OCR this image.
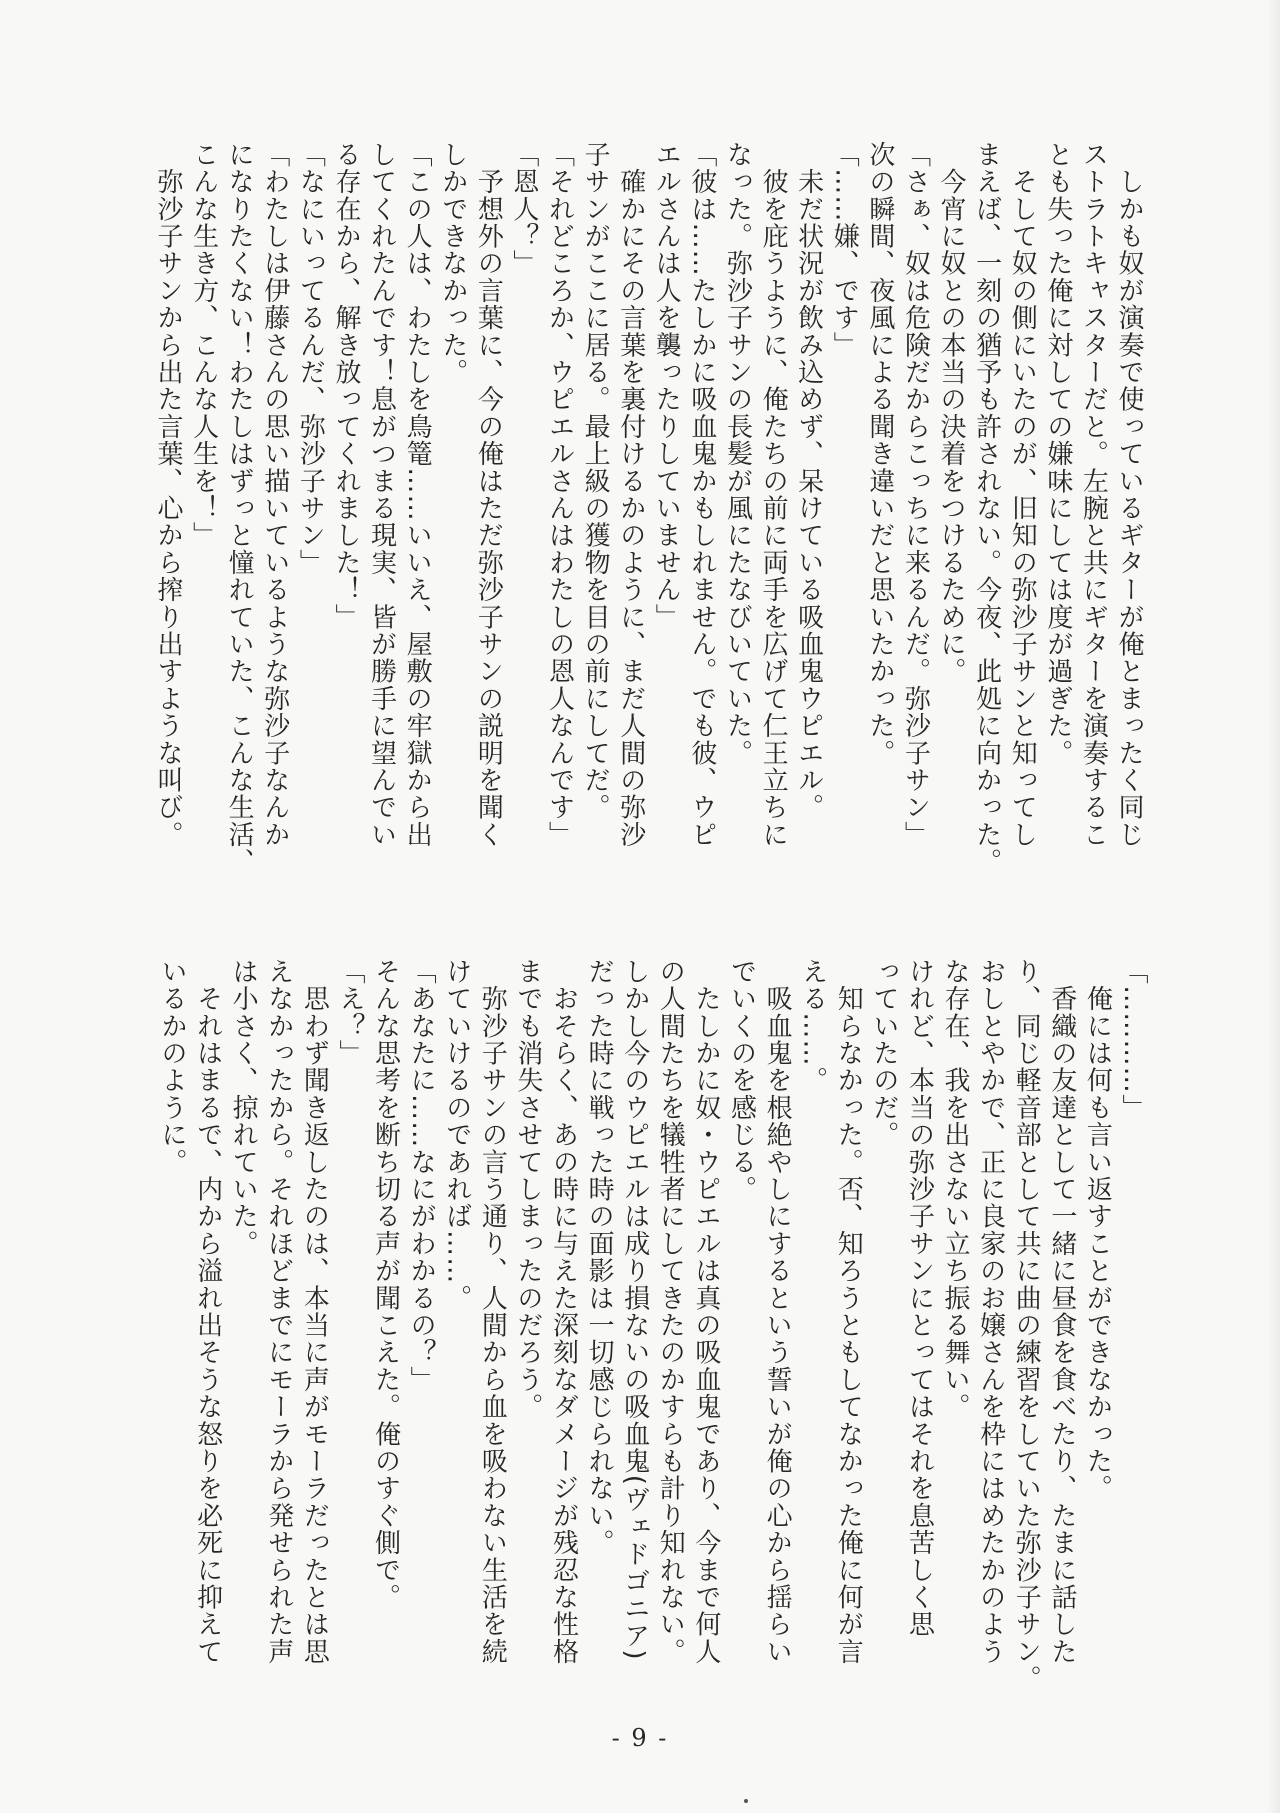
　しかも奴が演奏で使っているギターが俺とまったく同じ

ストラトキャスターだと。左腕と共にギターを演奏するこ

とも失った俺に対しての嫌味にしては度が過ぎた。

　そして奴の側にいたのが、旧知の弥沙子サンと知ってし

まえば、一刻の猶予も許されない。今夜、此処に向かった。

　今宵に奴との本当の決着をつけるために。

「さぁ、奴は危険だからこっちに来るんだ。弥沙子サン」

次の瞬間、夜風による聞き違いだと思いたかった。

「……嫌、です」

　未だ状況が飲み込めず、呆けている吸血鬼ウピエル。

　彼を庇うように、俺たちの前に両手を広げて仁王立ちに

なった。弥沙子サンの長髪が風にたなびいていた。

「彼は……たしかに吸血鬼かもしれません。でも彼、ウピ

エルさんは人を襲ったりしていません」

　確かにその言葉を裏付けるかのように、まだ人間の弥沙

子サンがここに居る。最上級の獲物を目の前にしてだ。

「それどころか、ウピエルさんはわたしの恩人なんです」

「恩人？」

　予想外の言葉に、今の俺はただ弥沙子サンの説明を聞く

しかできなかった。

「この人は、わたしを鳥篭……いいえ、屋敷の牢獄から出

してくれたんです！息がつまる現実、皆が勝手に望んでい

る存在から、解き放ってくれました！」

「なにいってるんだ、弥沙子サン」

「わたしは伊藤さんの思い描いているような弥沙子なんか

になりたくない！わたしはずっと憧れていた、こんな生活、

こんな生き方、こんな人生を！」

　弥沙子サンから出た言葉、心から搾り出すような叫び。

「…………」

　俺には何も言い返すことができなかった。

　香織の友達として一緒に昼食を食べたり、たまに話した

り、同じ軽音部として共に曲の練習をしていた弥沙子サン。

おしとやかで、正に良家のお嬢さんを枠にはめたかのよう

な存在、我を出さない立ち振る舞い。

けれど、本当の弥沙子サンにとってはそれを息苦しく思

っていたのだ。

　知らなかった。否、知ろうともしてなかった俺に何が言

える……。

　吸血鬼を根絶やしにするという誓いが俺の心から揺らい

でいくのを感じる。

　たしかに奴・ウピエルは真の吸血鬼であり、今まで何人

の人間たちを犠牲者にしてきたのかすらも計り知れない。

しかし今のウピエルは成り損ないの吸血鬼(ヴェドゴニア)

だった時に戦った時の面影は一切感じられない。

　おそらく、あの時に与えた深刻なダメージが残忍な性格

までも消失させてしまったのだろう。

　弥沙子サンの言う通り、人間から血を吸わない生活を続

けていけるのであれば……。

「あなたに……なにがわかるの？」

そんな思考を断ち切る声が聞こえた。俺のすぐ側で。

「え？」

　思わず聞き返したのは、本当に声がモーラだったとは思

えなかったから。それほどまでにモーラから発せられた声

は小さく、掠れていた。

　それはまるで、内から溢れ出そうな怒りを必死に抑えて

いるかのように。

- 9 -
